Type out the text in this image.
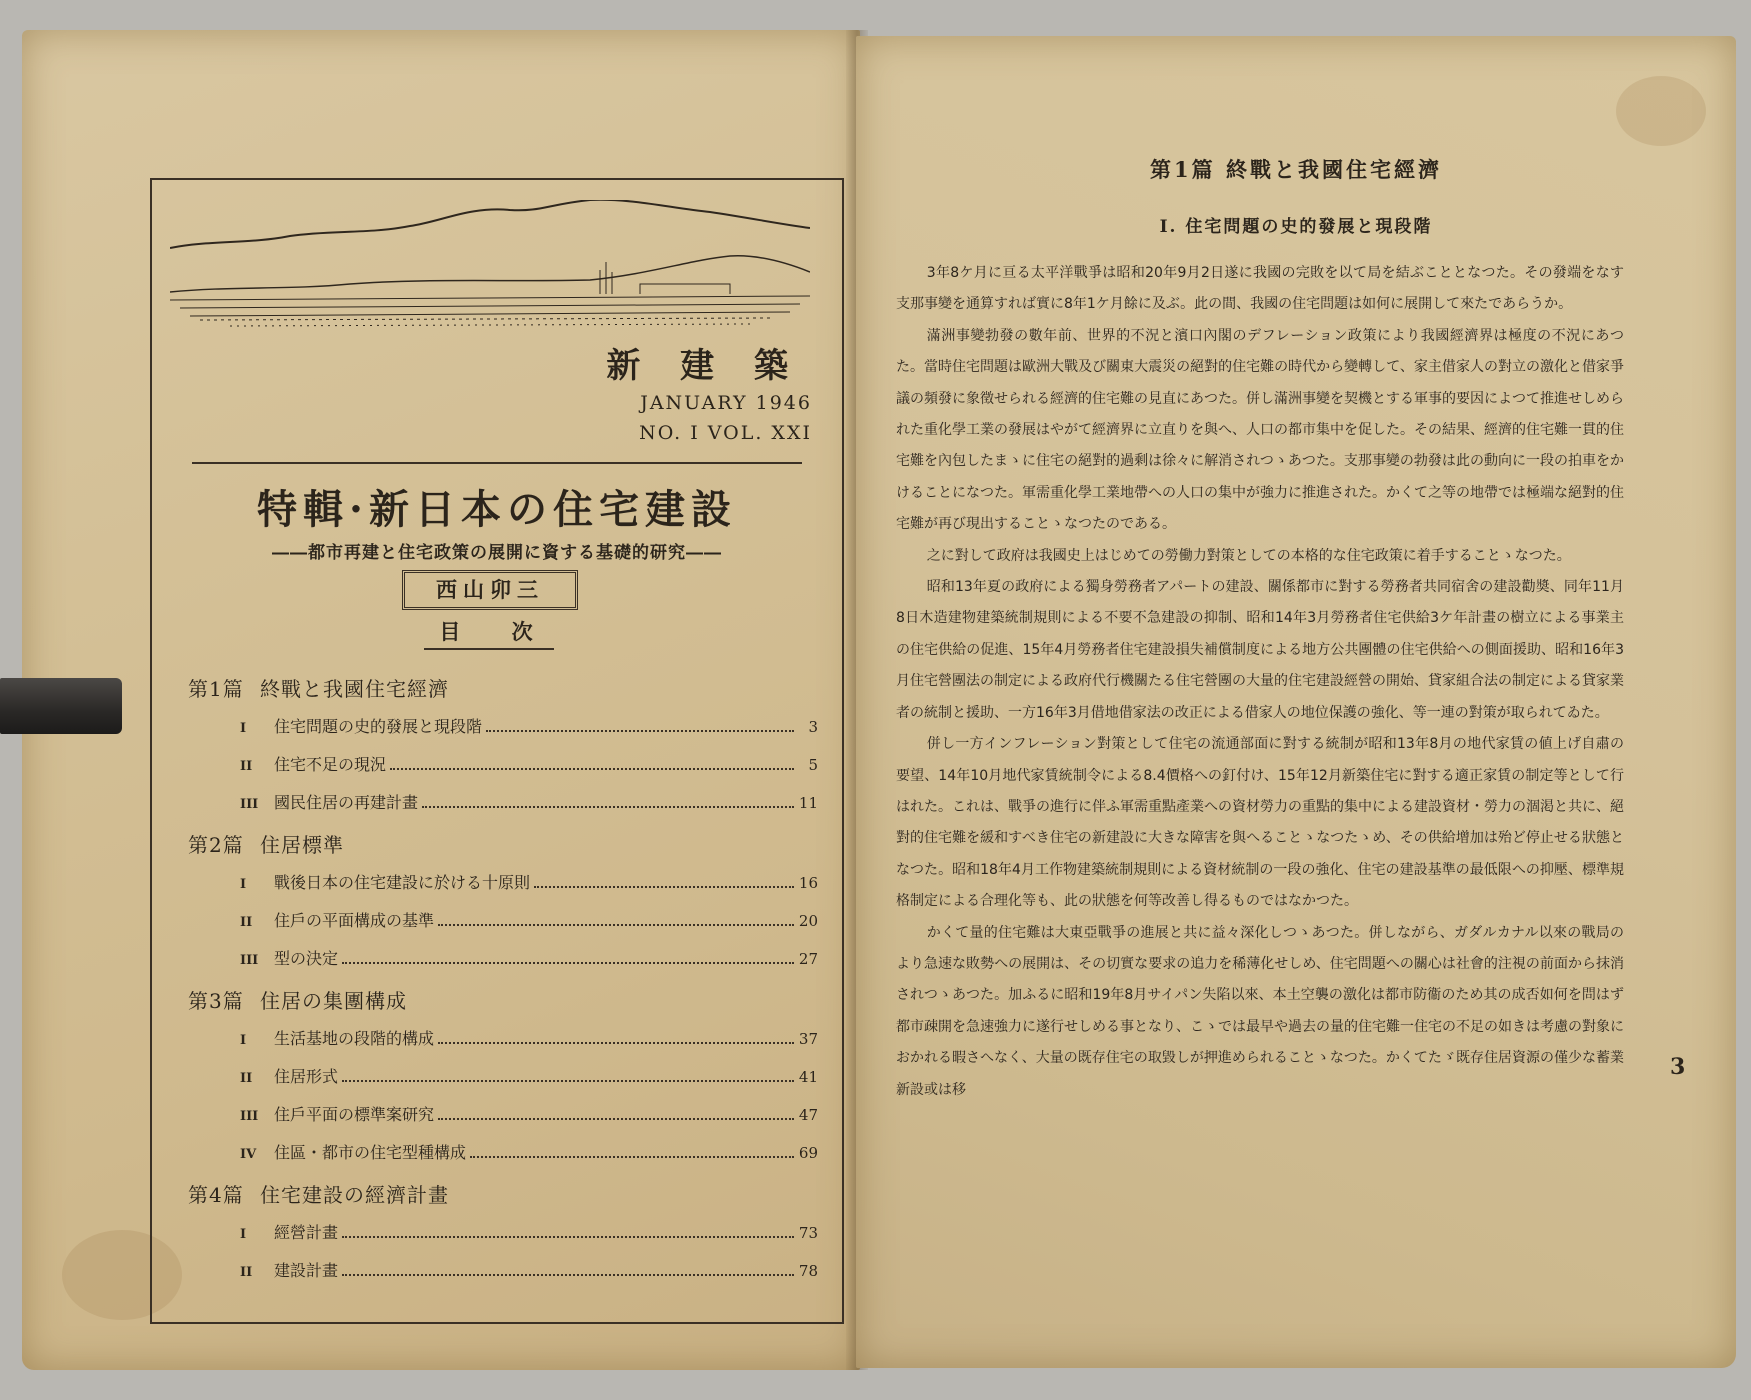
新 建 築
JANUARY 1946
NO. I VOL. XXI
特輯·新日本の住宅建設
――都市再建と住宅政策の展開に資する基礎的研究――
西山卯三
目 次
第1篇 終戰と我國住宅經濟
I	住宅問題の史的發展と現段階	3
II	住宅不足の現況	5
III 國民住居の再建計畫	11
第2篇 住居標準
I	戰後日本の住宅建設に於ける十原則	16
II	住戶の平面構成の基準	20
III 型の決定	27
第3篇 住居の集團構成
I	生活基地の段階的構成	37
II	住居形式	41
III 住戶平面の標準案研究	47
IV	住區・都市の住宅型種構成	69
第4篇 住宅建設の經濟計畫
I	經營計畫	73
II	建設計畫	78
第1篇 終戰と我國住宅經濟
I. 住宅問題の史的發展と現段階

3年8ケ月に亘る太平洋戰爭は昭和20年9月2日遂に我國の完敗を以て局を結ぶこととなつた。その發端をなす支那事變を通算すれば實に8年1ケ月餘に及ぶ。此の間、我國の住宅問題は如何に展開して來たであらうか。

滿洲事變勃發の數年前、世界的不況と濱口內閣のデフレーション政策により我國經濟界は極度の不況にあつた。當時住宅問題は歐洲大戰及び關東大震災の絕對的住宅難の時代から變轉して、家主借家人の對立の激化と借家爭議の頻發に象徵せられる經濟的住宅難の見直にあつた。併し滿洲事變を契機とする軍事的要因によつて推進せしめられた重化學工業の發展はやがて經濟界に立直りを與へ、人口の都市集中を促した。その結果、經濟的住宅難一貫的住宅難を內包したまゝに住宅の絕對的過剩は徐々に解消されつゝあつた。支那事變の勃發は此の動向に一段の拍車をかけることになつた。軍需重化學工業地帶への人口の集中が強力に推進された。かくて之等の地帶では極端な絕對的住宅難が再び現出することゝなつたのである。

之に對して政府は我國史上はじめての勞働力對策としての本格的な住宅政策に着手することゝなつた。

昭和13年夏の政府による獨身勞務者アパートの建設、關係都市に對する勞務者共同宿舍の建設勸奬、同年11月8日木造建物建築統制規則による不要不急建設の抑制、昭和14年3月勞務者住宅供給3ケ年計畫の樹立による事業主の住宅供給の促進、15年4月勞務者住宅建設損失補償制度による地方公共團體の住宅供給への側面援助、昭和16年3月住宅營團法の制定による政府代行機關たる住宅營團の大量的住宅建設經營の開始、貸家組合法の制定による貸家業者の統制と援助、一方16年3月借地借家法の改正による借家人の地位保護の強化、等一連の對策が取られてゐた。

併し一方インフレーション對策として住宅の流通部面に對する統制が昭和13年8月の地代家賃の値上げ自肅の要望、14年10月地代家賃統制令による8.4價格への釘付け、15年12月新築住宅に對する適正家賃の制定等として行はれた。これは、戰爭の進行に伴ふ軍需重點產業への資材勞力の重點的集中による建設資材・勞力の涸渇と共に、絕對的住宅難を緩和すべき住宅の新建設に大きな障害を與へることゝなつたゝめ、その供給增加は殆ど停止せる狀態となつた。昭和18年4月工作物建築統制規則による資材統制の一段の強化、住宅の建設基準の最低限への抑壓、標準規格制定による合理化等も、此の狀態を何等改善し得るものではなかつた。

かくて量的住宅難は大東亞戰爭の進展と共に益々深化しつゝあつた。併しながら、ガダルカナル以來の戰局のより急速な敗勢への展開は、その切實な要求の追力を稀薄化せしめ、住宅問題への關心は社會的注視の前面から抹消されつゝあつた。加ふるに昭和19年8月サイパン失陷以來、本土空襲の激化は都市防衞のため其の成否如何を問はず都市疎開を急速強力に遂行せしめる事となり、こゝでは最早や過去の量的住宅難一住宅の不足の如きは考慮の對象におかれる暇さへなく、大量の既存住宅の取毀しが押進められることゝなつた。かくてたゞ既存住居資源の僅少な蓄業新設或は移

3
